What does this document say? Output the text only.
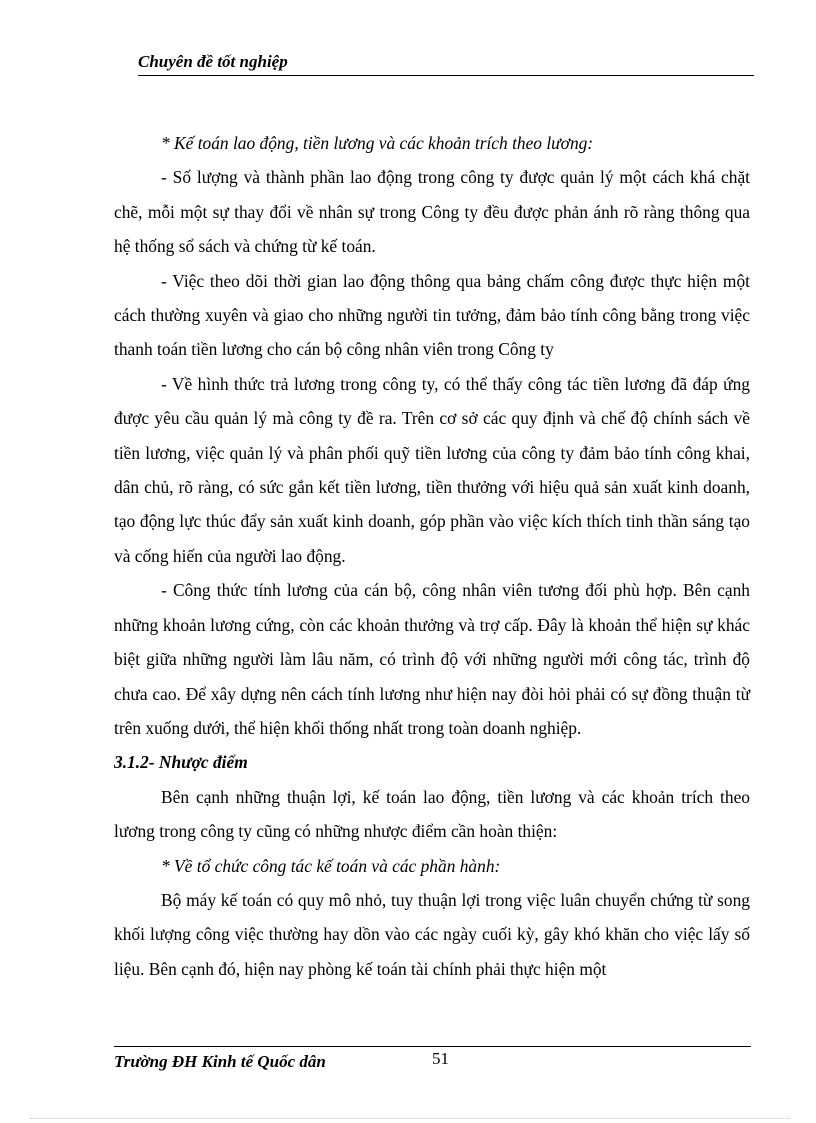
Chuyên đề tốt nghiệp

* Kế toán lao động, tiền lương và các khoản trích theo lương:

- Số lượng và thành phần lao động trong công ty được quản lý một cách khá chặt chẽ, mỗi một sự thay đổi về nhân sự trong Công ty đều được phản ánh rõ ràng thông qua hệ thống sổ sách và chứng từ kế toán.

- Việc theo dõi thời gian lao động thông qua bảng chấm công được thực hiện một cách thường xuyên và giao cho những người tin tưởng, đảm bảo tính công bằng trong việc thanh toán tiền lương cho cán bộ công nhân viên trong Công ty

- Về hình thức trả lương trong công ty, có thể thấy công tác tiền lương đã đáp ứng được yêu cầu quản lý mà công ty đề ra. Trên cơ sở các quy định và chế độ chính sách về tiền lương, việc quản lý và phân phối quỹ tiền lương của công ty đảm bảo tính công khai, dân chủ, rõ ràng, có sức gắn kết tiền lương, tiền thưởng với hiệu quả sản xuất kinh doanh, tạo động lực thúc đẩy sản xuất kinh doanh, góp phần vào việc kích thích tinh thần sáng tạo và cống hiến của người lao động.

- Công thức tính lương của cán bộ, công nhân viên tương đối phù hợp. Bên cạnh những khoản lương cứng, còn các khoản thưởng và trợ cấp. Đây là khoản thể hiện sự khác biệt giữa những người làm lâu năm, có trình độ với những người mới công tác, trình độ chưa cao. Để xây dựng nên cách tính lương như hiện nay đòi hỏi phải có sự đồng thuận từ trên xuống dưới, thể hiện khối thống nhất trong toàn doanh nghiệp.

3.1.2- Nhược điểm

Bên cạnh những thuận lợi, kế toán lao động, tiền lương và các khoản trích theo lương trong công ty cũng có những nhược điểm cần hoàn thiện:

* Về tổ chức công tác kế toán và các phần hành:

Bộ máy kế toán có quy mô nhỏ, tuy thuận lợi trong việc luân chuyển chứng từ song khối lượng công việc thường hay dồn vào các ngày cuối kỳ, gây khó khăn cho việc lấy số liệu. Bên cạnh đó, hiện nay phòng kế toán tài chính phải thực hiện một

Trường ĐH Kinh tế Quốc dân	51
